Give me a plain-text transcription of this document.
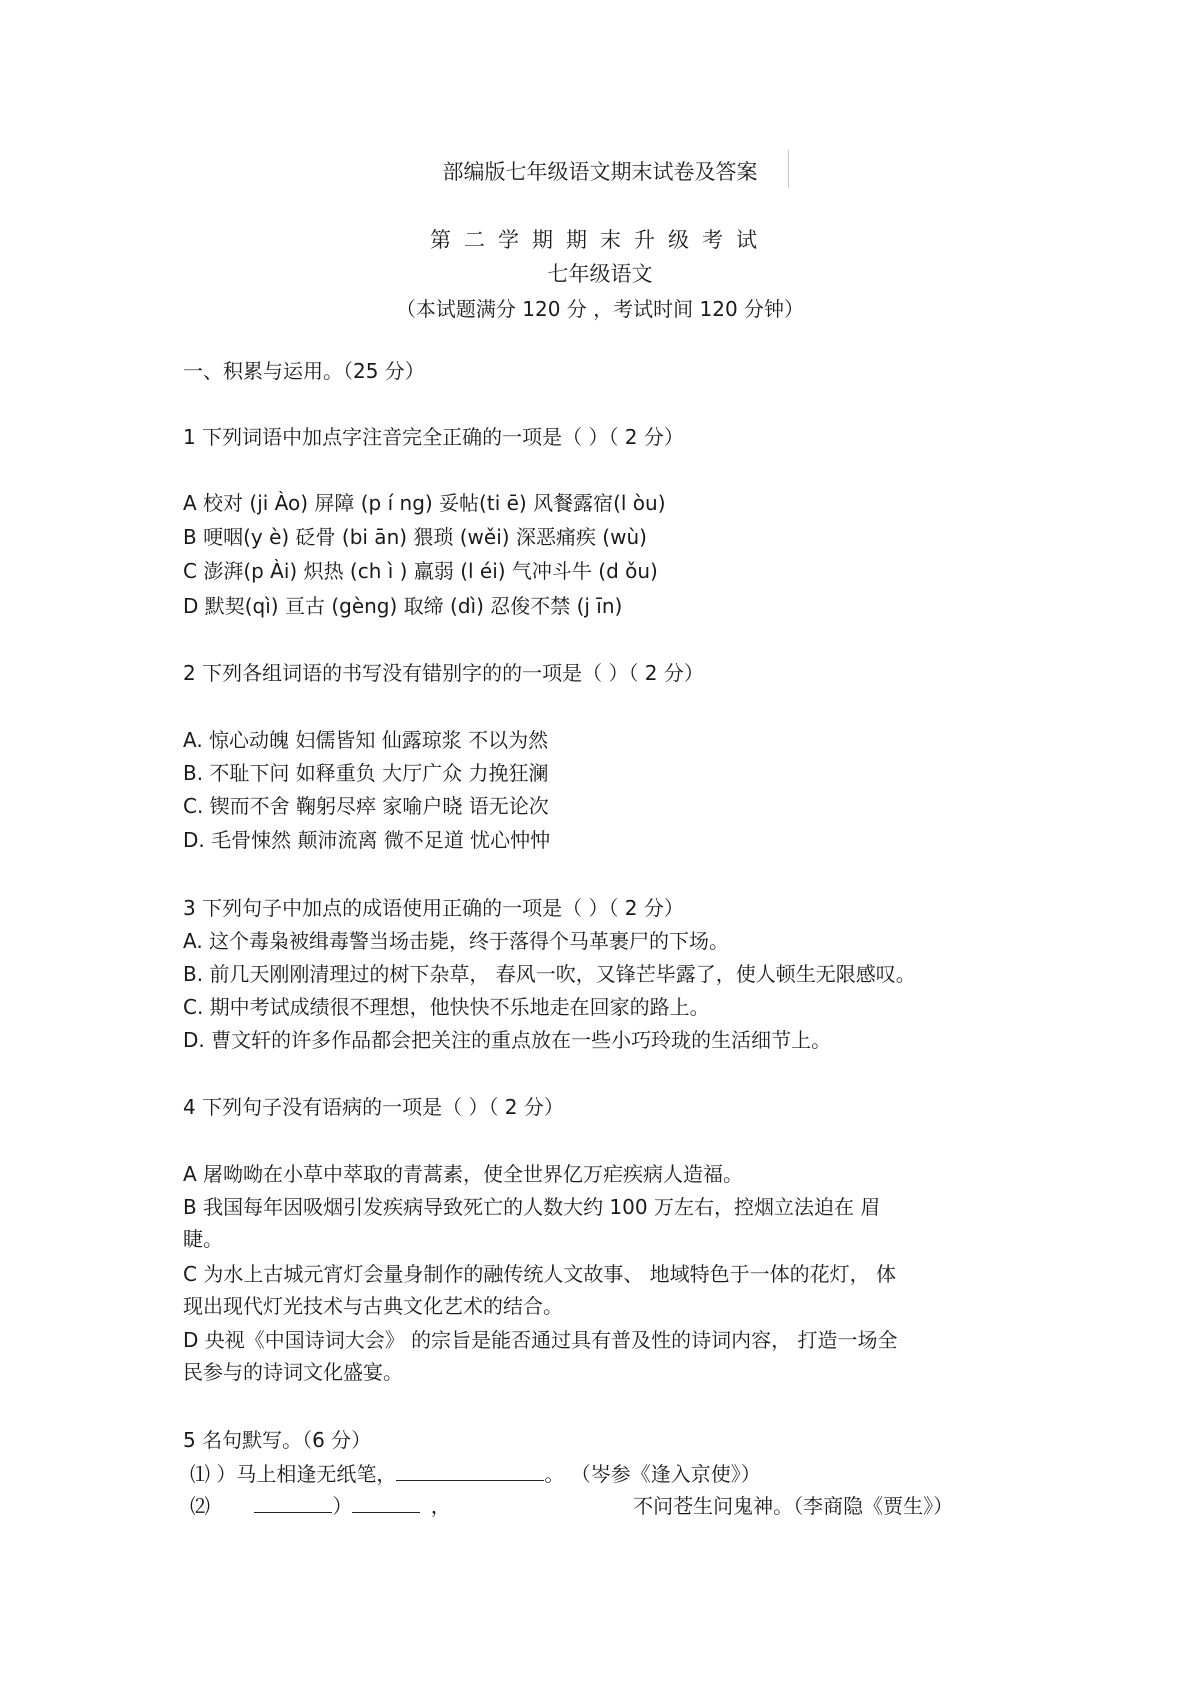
部编版七年级语文期末试卷及答案
第二学期期末升级考试
七年级语文
（本试题满分 120 分 ，考试时间 120 分钟）
一、积累与运用。（25 分）
1 下列词语中加点字注音完全正确的一项是（ ）（ 2 分）
A 校对 (ji Ào) 屏障 (p í ng) 妥帖(ti ē) 风餐露宿(l òu)
B 哽咽(y è) 砭骨 (bi ān) 猥琐 (wěi) 深恶痛疾 (wù)
C 澎湃(p Ài) 炽热 (ch ì ) 羸弱 (l éi) 气冲斗牛 (d ǒu)
D 默契(qì) 亘古 (gèng) 取缔 (dì) 忍俊不禁 (j īn)
2 下列各组词语的书写没有错别字的的一项是（ ）（ 2 分）
A. 惊心动魄 妇儒皆知 仙露琼浆 不以为然
B. 不耻下问 如释重负 大厅广众 力挽狂澜
C. 锲而不舍 鞠躬尽瘁 家喻户晓 语无论次
D. 毛骨悚然 颠沛流离 微不足道 忧心忡忡
3 下列句子中加点的成语使用正确的一项是（ ）（ 2 分）
A. 这个毒枭被缉毒警当场击毙，终于落得个马革裹尸的下场。
B. 前几天刚刚清理过的树下杂草， 春风一吹，又锋芒毕露了，使人顿生无限感叹。
C. 期中考试成绩很不理想，他快快不乐地走在回家的路上。
D. 曹文轩的许多作品都会把关注的重点放在一些小巧玲珑的生活细节上。
4 下列句子没有语病的一项是（ ）（ 2 分）
A 屠呦呦在小草中萃取的青蒿素，使全世界亿万疟疾病人造福。
B 我国每年因吸烟引发疾病导致死亡的人数大约 100 万左右，控烟立法迫在 眉
睫。
C 为水上古城元宵灯会量身制作的融传统人文故事、 地域特色于一体的花灯， 体
现出现代灯光技术与古典文化艺术的结合。
D 央视《中国诗词大会》 的宗旨是能否通过具有普及性的诗词内容， 打造一场全
民参与的诗词文化盛宴。
5 名句默写。（6 分）
⑴ ）马上相逢无纸笔，	。 （岑参《逢入京使》）
⑵	）	，	不问苍生问鬼神。（李商隐《贾生》）
